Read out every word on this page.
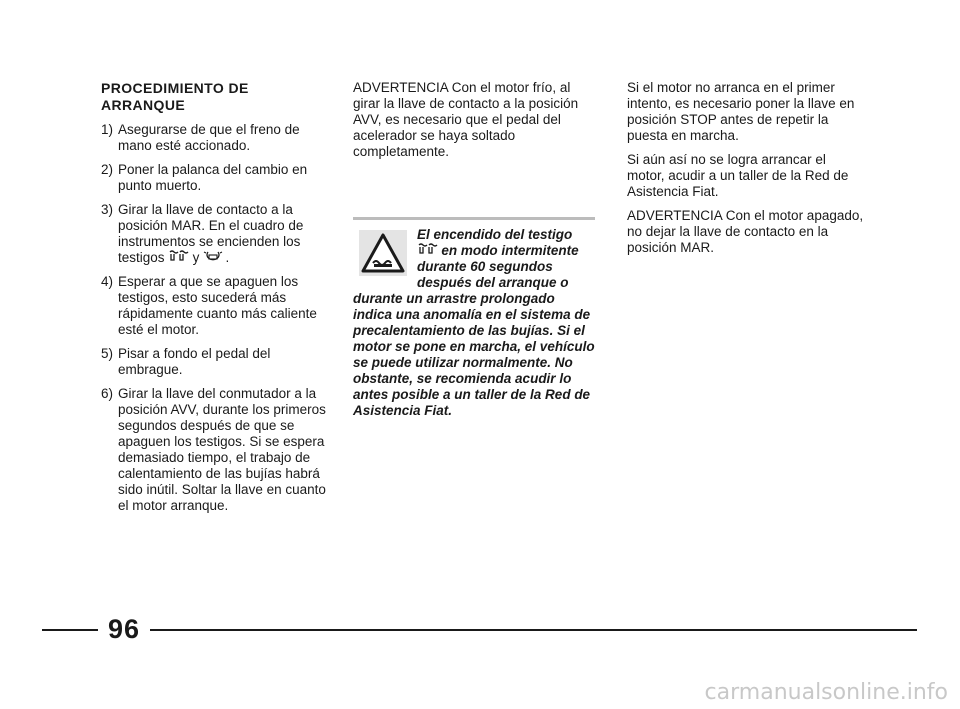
PROCEDIMIENTO DE
ARRANQUE
1) Asegurarse de que el freno de mano esté accionado.
2) Poner la palanca del cambio en punto muerto.
3) Girar la llave de contacto a la posición MAR. En el cuadro de instrumentos se encienden los testigos y .
4) Esperar a que se apaguen los testigos, esto sucederá más rápidamente cuanto más caliente esté el motor.
5) Pisar a fondo el pedal del embrague.
6) Girar la llave del conmutador a la posición AVV, durante los primeros segundos después de que se apaguen los testigos. Si se espera demasiado tiempo, el trabajo de calentamiento de las bujías habrá sido inútil. Soltar la llave en cuanto el motor arranque.

ADVERTENCIA Con el motor frío, al girar la llave de contacto a la posición AVV, es necesario que el pedal del acelerador se haya soltado completamente.

El encendido del testigo
en modo intermitente durante 60 segundos después del arranque o durante un arrastre prolongado indica una anomalía en el sistema de precalentamiento de las bujías. Si el motor se pone en marcha, el vehículo se puede utilizar normalmente. No obstante, se recomienda acudir lo antes posible a un taller de la Red de Asistencia Fiat.

Si el motor no arranca en el primer intento, es necesario poner la llave en posición STOP antes de repetir la puesta en marcha.

Si aún así no se logra arrancar el motor, acudir a un taller de la Red de Asistencia Fiat.

ADVERTENCIA Con el motor apagado, no dejar la llave de contacto en la posición MAR.

96
carmanualsonline.info
